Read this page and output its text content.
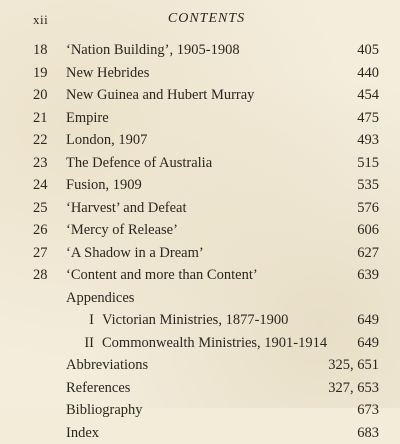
xii	CONTENTS
18	‘Nation Building’, 1905-1908	405
19	New Hebrides	440
20	New Guinea and Hubert Murray	454
21	Empire	475
22	London, 1907	493
23	The Defence of Australia	515
24	Fusion, 1909	535
25	‘Harvest’ and Defeat	576
26	‘Mercy of Release’	606
27	‘A Shadow in a Dream’	627
28	‘Content and more than Content’	639
Appendices
I Victorian Ministries, 1877-1900	649
II Commonwealth Ministries, 1901-1914 649
Abbreviations	325, 651
References	327, 653
Bibliography	673
Index	683
